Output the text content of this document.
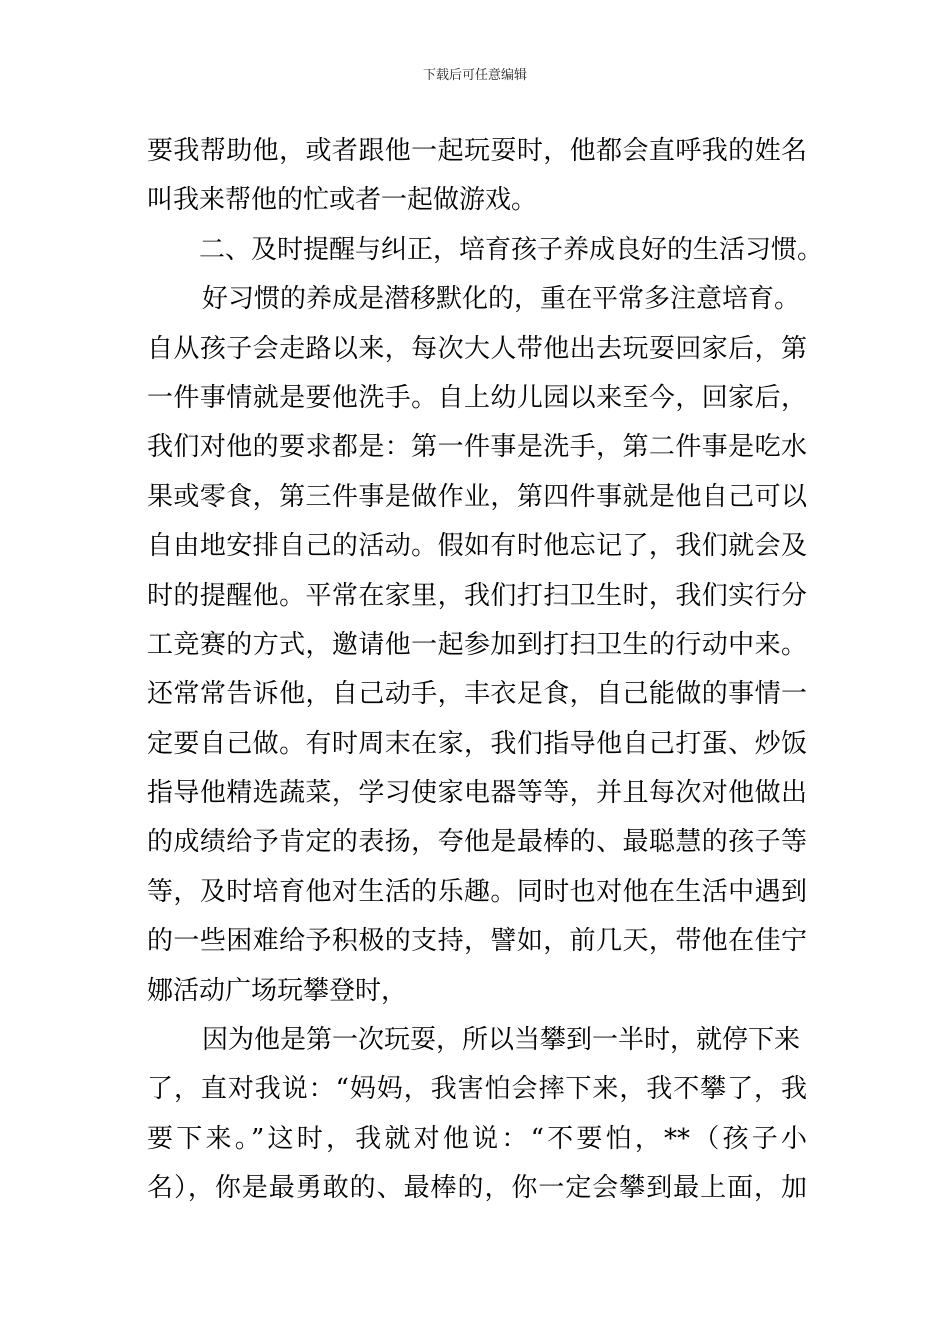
下载后可任意编辑
要我帮助他，或者跟他一起玩耍时，他都会直呼我的姓名
叫我来帮他的忙或者一起做游戏。
二、及时提醒与纠正，培育孩子养成良好的生活习惯。
好习惯的养成是潜移默化的，重在平常多注意培育。
自从孩子会走路以来，每次大人带他出去玩耍回家后，第
一件事情就是要他洗手。自上幼儿园以来至今，回家后，
我们对他的要求都是：第一件事是洗手，第二件事是吃水
果或零食，第三件事是做作业，第四件事就是他自己可以
自由地安排自己的活动。假如有时他忘记了，我们就会及
时的提醒他。平常在家里，我们打扫卫生时，我们实行分
工竞赛的方式，邀请他一起参加到打扫卫生的行动中来。
还常常告诉他，自己动手，丰衣足食，自己能做的事情一
定要自己做。有时周末在家，我们指导他自己打蛋、炒饭
指导他精选蔬菜，学习使家电器等等，并且每次对他做出
的成绩给予肯定的表扬，夸他是最棒的、最聪慧的孩子等
等，及时培育他对生活的乐趣。同时也对他在生活中遇到
的一些困难给予积极的支持，譬如，前几天，带他在佳宁
娜活动广场玩攀登时，
因为他是第一次玩耍，所以当攀到一半时，就停下来
了，直对我说：“妈妈，我害怕会摔下来，我不攀了，我
要下来。”这时，我就对他说：“不要怕，**（孩子小
名），你是最勇敢的、最棒的，你一定会攀到最上面，加
